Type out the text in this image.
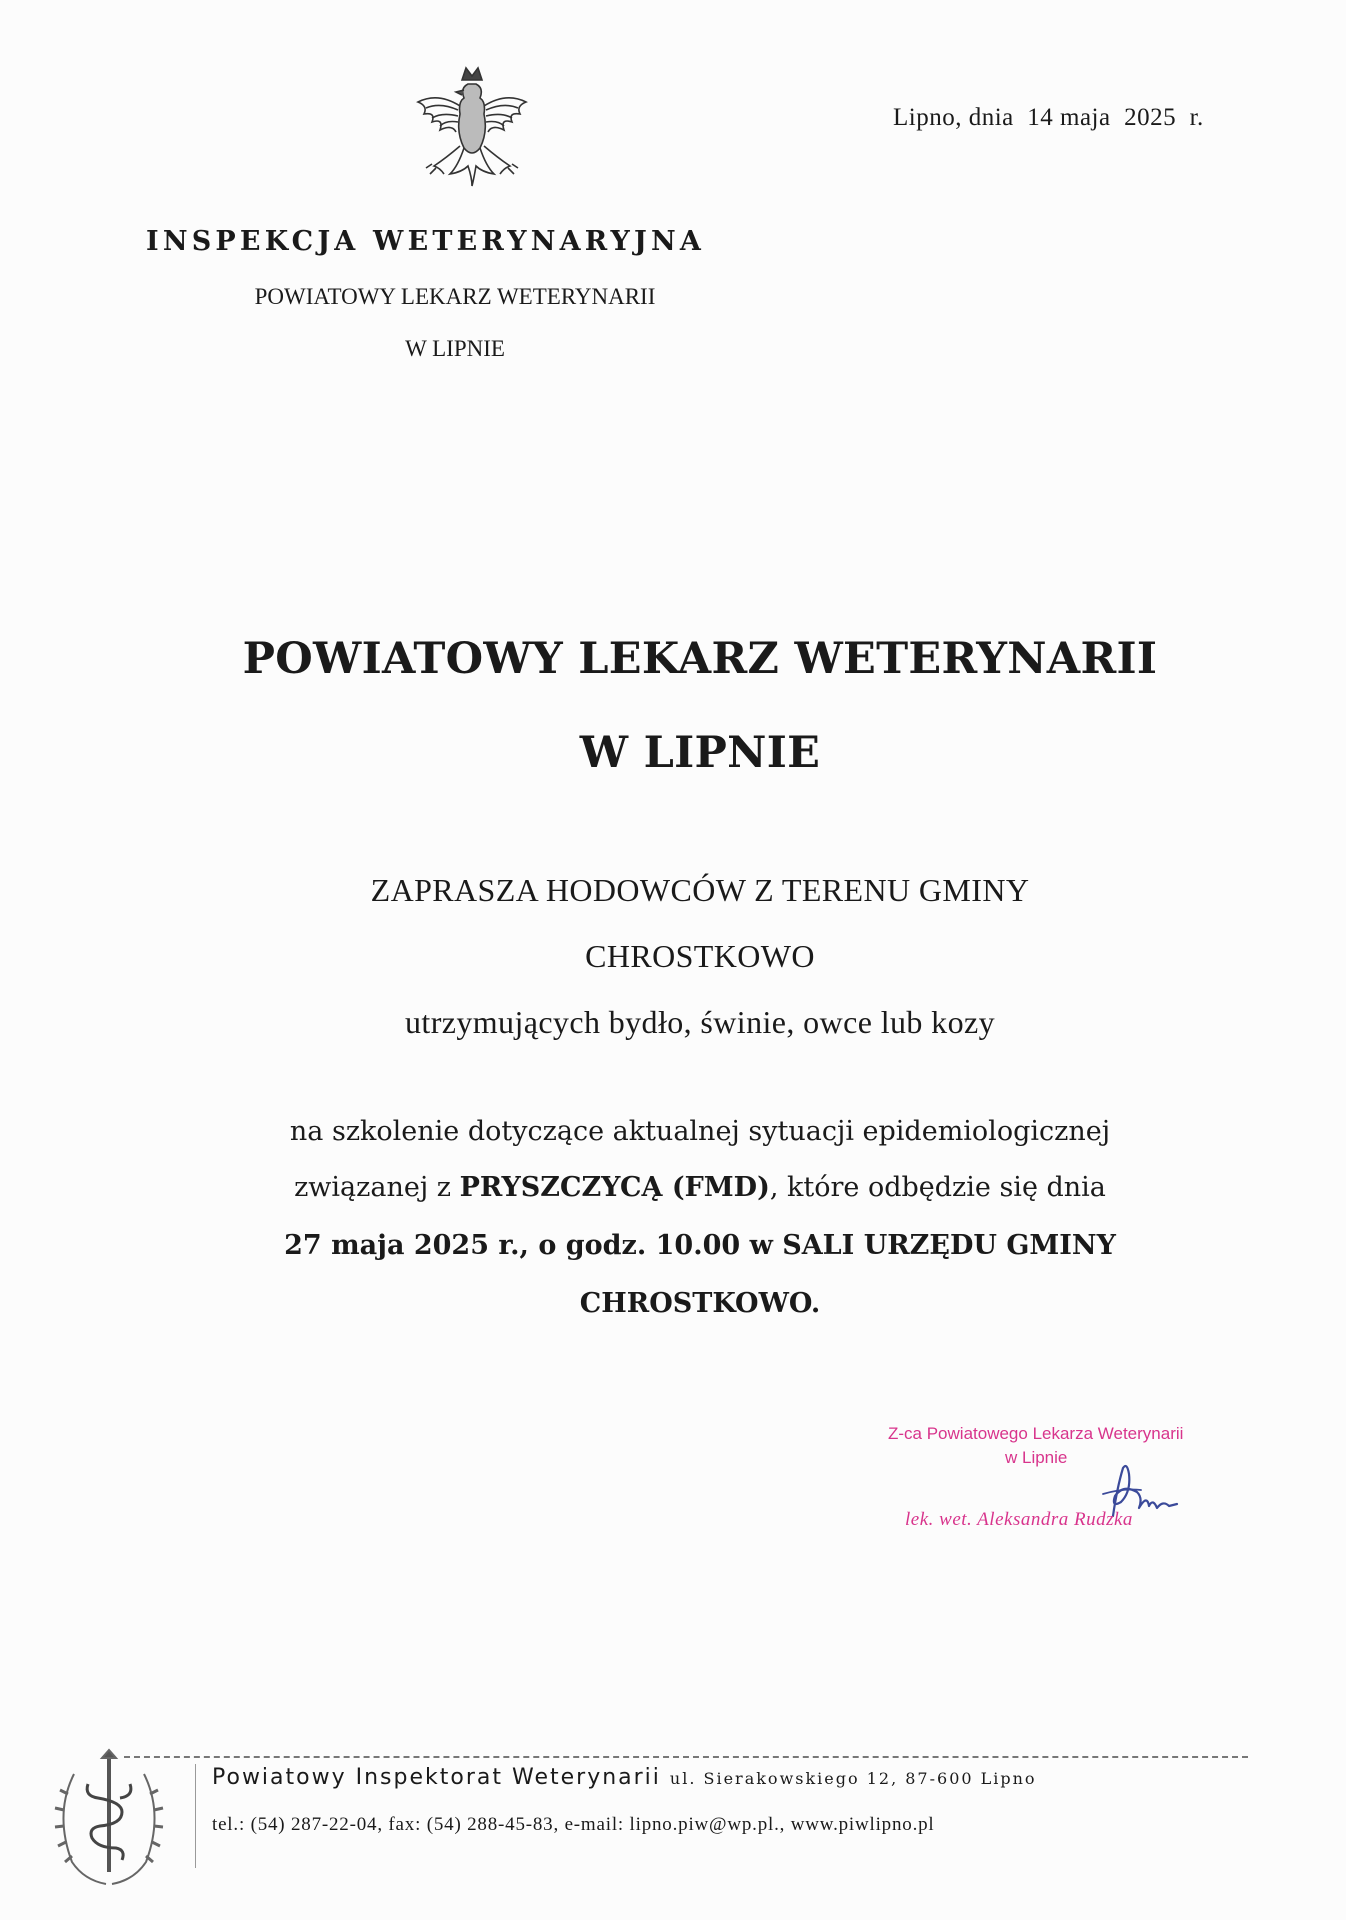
Lipno, dnia  14 maja  2025  r.
INSPEKCJA WETERYNARYJNA
POWIATOWY LEKARZ WETERYNARII
W LIPNIE
POWIATOWY LEKARZ WETERYNARII
W LIPNIE
ZAPRASZA HODOWCÓW Z TERENU GMINY
CHROSTKOWO
utrzymujących bydło, świnie, owce lub kozy
na szkolenie dotyczące aktualnej sytuacji epidemiologicznej
związanej z PRYSZCZYCĄ (FMD), które odbędzie się dnia
27 maja 2025 r., o godz. 10.00 w SALI URZĘDU GMINY
CHROSTKOWO.
Z-ca Powiatowego Lekarza Weterynarii
w Lipnie
lek. wet. Aleksandra Rudzka
Powiatowy Inspektorat Weterynarii ul. Sierakowskiego 12, 87-600 Lipno
tel.: (54) 287-22-04, fax: (54) 288-45-83, e-mail: lipno.piw@wp.pl., www.piwlipno.pl
